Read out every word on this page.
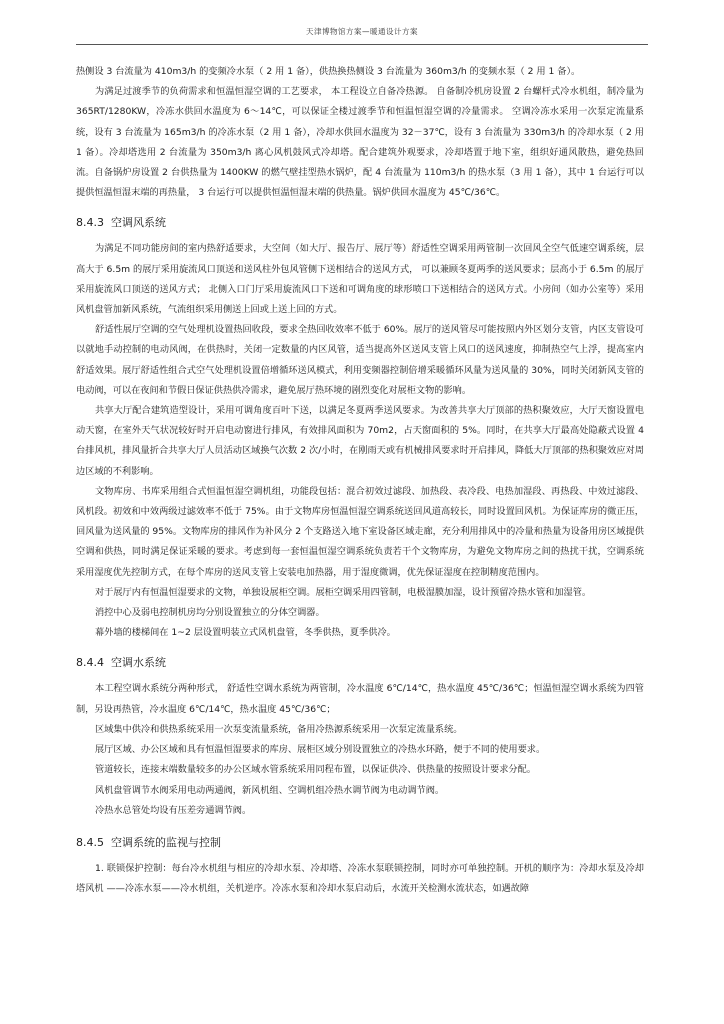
天津博物馆方案—暖通设计方案

热侧设 3 台流量为 410m3/h 的变频冷水泵（ 2 用 1 备），供热换热侧设 3 台流量为 360m3/h 的变频水泵（ 2 用 1 备）。

为满足过渡季节的负荷需求和恒温恒湿空调的工艺要求， 本工程设立自备冷热源。 自备制冷机房设置 2 台螺杆式冷水机组，制冷量为 365RT/1280KW，冷冻水供回水温度为 6～14℃，可以保证全楼过渡季节和恒温恒湿空调的冷量需求。 空调冷冻水采用一次泵定流量系统，设有 3 台流量为 165m3/h 的冷冻水泵（2 用 1 备），冷却水供回水温度为 32－37℃，设有 3 台流量为 330m3/h 的冷却水泵（ 2 用 1 备）。冷却塔选用 2 台流量为 350m3/h 离心风机鼓风式冷却塔。配合建筑外观要求，冷却塔置于地下室，组织好通风散热，避免热回流。自备锅炉房设置 2 台供热量为 1400KW 的燃气壁挂型热水锅炉，配 4 台流量为 110m3/h 的热水泵（3 用 1 备），其中 1 台运行可以提供恒温恒湿末端的再热量， 3 台运行可以提供恒温恒湿末端的供热量。锅炉供回水温度为 45℃/36℃。

8.4.3 空调风系统

为满足不同功能房间的室内热舒适要求，大空间（如大厅、报告厅、展厅等）舒适性空调采用两管制一次回风全空气低速空调系统，层高大于 6.5m 的展厅采用旋流风口顶送和送风柱外包风管侧下送相结合的送风方式， 可以兼顾冬夏两季的送风要求；层高小于 6.5m 的展厅采用旋流风口顶送的送风方式； 北侧入口门厅采用旋流风口下送和可调角度的球形喷口下送相结合的送风方式。小房间（如办公室等）采用风机盘管加新风系统，气流组织采用侧送上回或上送上回的方式。

舒适性展厅空调的空气处理机设置热回收段，要求全热回收效率不低于 60%。展厅的送风管尽可能按照内外区划分支管，内区支管设可以就地手动控制的电动风阀，在供热时，关闭一定数量的内区风管，适当提高外区送风支管上风口的送风速度，抑制热空气上浮，提高室内舒适效果。展厅舒适性组合式空气处理机设置倍增循环送风模式，利用变频器控制倍增采暖循环风量为送风量的 30%，同时关闭新风支管的电动阀，可以在夜间和节假日保证供热供冷需求，避免展厅热环境的剧烈变化对展柜文物的影响。

共享大厅配合建筑造型设计，采用可调角度百叶下送，以满足冬夏两季送风要求。为改善共享大厅顶部的热积聚效应，大厅天窗设置电动天窗，在室外天气状况较好时开启电动窗进行排风，有效排风面积为 70m2，占天窗面积的 5%。同时，在共享大厅最高处隐蔽式设置 4 台排风机，排风量折合共享大厅人员活动区域换气次数 2 次/小时，在刚雨天或有机械排风要求时开启排风，降低大厅顶部的热积聚效应对周边区域的不利影响。

文物库房、书库采用组合式恒温恒湿空调机组，功能段包括：混合初效过滤段、加热段、表冷段、电热加湿段、再热段、中效过滤段、风机段。初效和中效两级过滤效率不低于 75%。由于文物库房恒温恒湿空调系统送回风道高较长，同时设置回风机。为保证库房的微正压，回风量为送风量的 95%。文物库房的排风作为补风分 2 个支路送入地下室设备区域走廊，充分利用排风中的冷量和热量为设备用房区域提供空调和供热，同时满足保证采暖的要求。考虑到每一套恒温恒湿空调系统负责若干个文物库房，为避免文物库房之间的热扰干扰，空调系统采用湿度优先控制方式，在每个库房的送风支管上安装电加热器，用于湿度微调，优先保证湿度在控制精度范围内。

对于展厅内有恒温恒湿要求的文物，单独设展柜空调。展柜空调采用四管制，电极湿膜加湿，设计预留冷热水管和加湿管。

消控中心及弱电控制机房均分别设置独立的分体空调器。

幕外墙的楼梯间在 1~2 层设置明装立式风机盘管，冬季供热，夏季供冷。

8.4.4 空调水系统

本工程空调水系统分两种形式， 舒适性空调水系统为两管制，冷水温度 6℃/14℃，热水温度 45℃/36℃；恒温恒湿空调水系统为四管制，另设再热管，冷水温度 6℃/14℃，热水温度 45℃/36℃；

区域集中供冷和供热系统采用一次泵变流量系统，备用冷热源系统采用一次泵定流量系统。

展厅区域、办公区域和具有恒温恒湿要求的库房、展柜区域分别设置独立的冷热水环路，便于不同的使用要求。

管道较长，连接末端数量较多的办公区域水管系统采用同程布置，以保证供冷、供热量的按照设计要求分配。

风机盘管调节水阀采用电动两通阀，新风机组、空调机组冷热水调节阀为电动调节阀。

冷热水总管处均设有压差旁通调节阀。

8.4.5 空调系统的监视与控制

1. 联锁保护控制：每台冷水机组与相应的冷却水泵、冷却塔、冷冻水泵联锁控制，同时亦可单独控制。开机的顺序为：冷却水泵及冷却塔风机 ——冷冻水泵——冷水机组，关机逆序。冷冻水泵和冷却水泵启动后，水流开关检测水流状态，如遇故障
